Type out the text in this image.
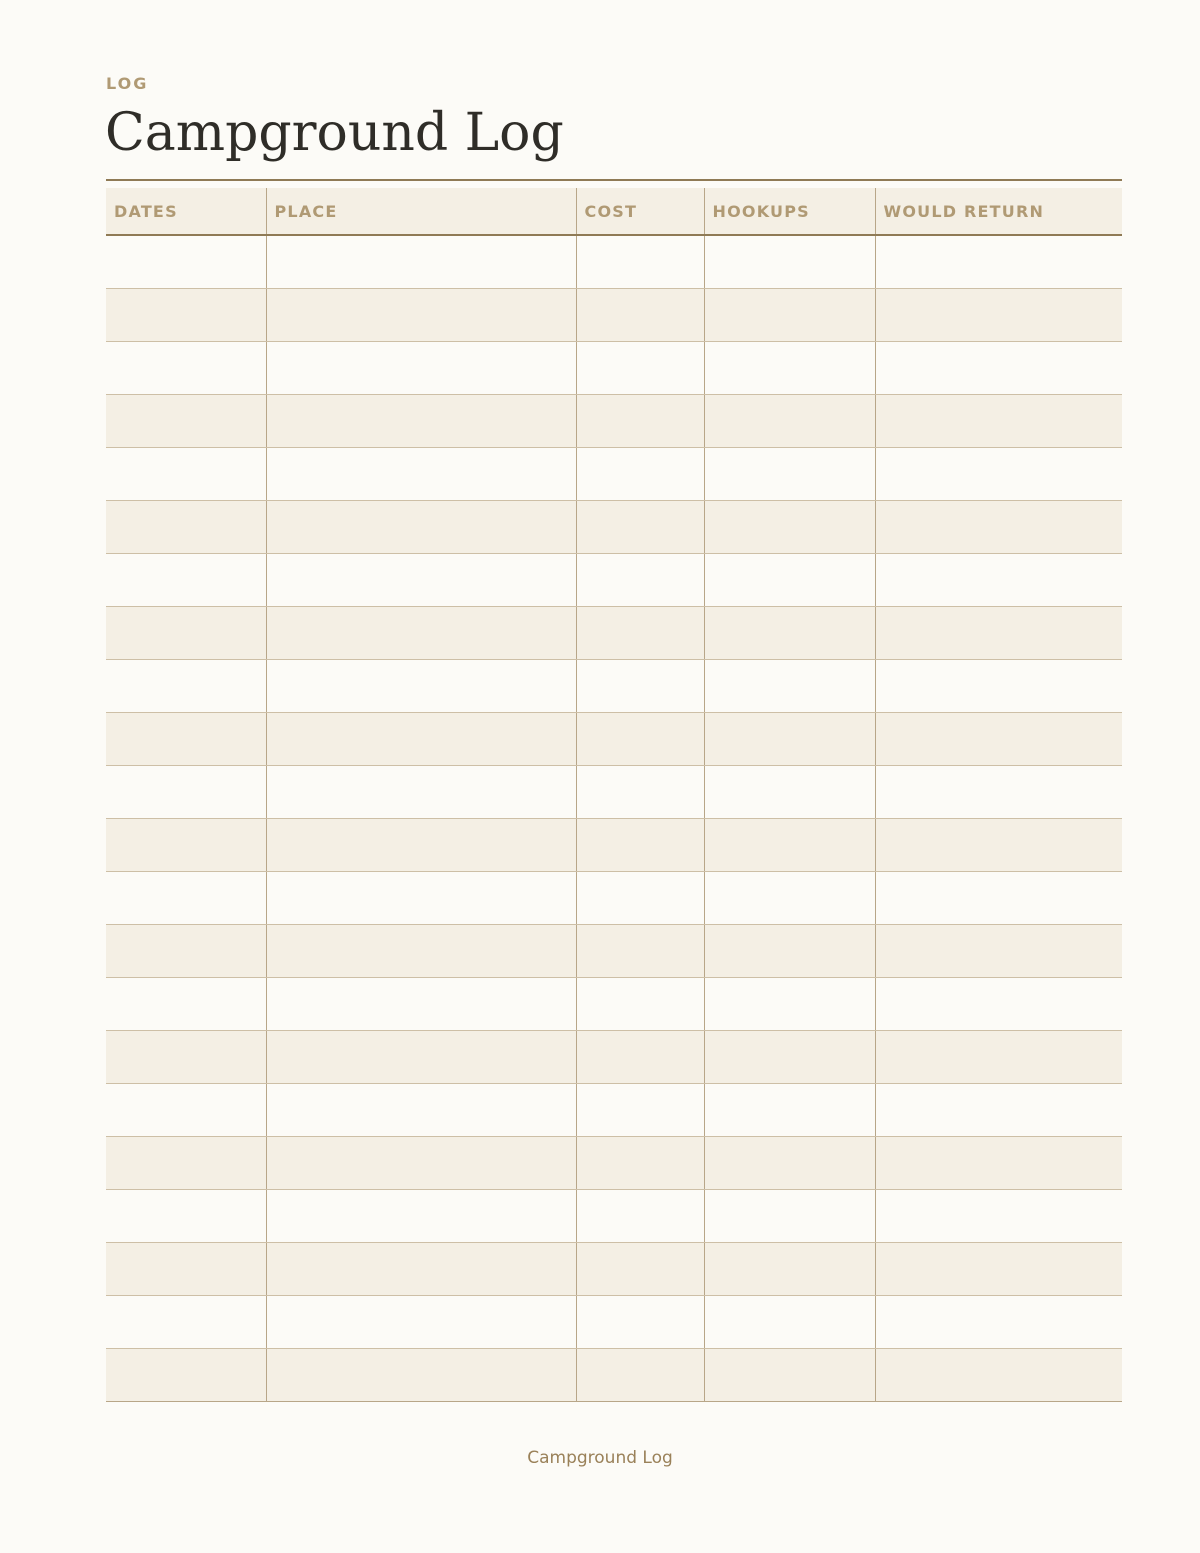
LOG
Campground Log
DATES	PLACE	COST	HOOKUPS	WOULD RETURN

Campground Log
